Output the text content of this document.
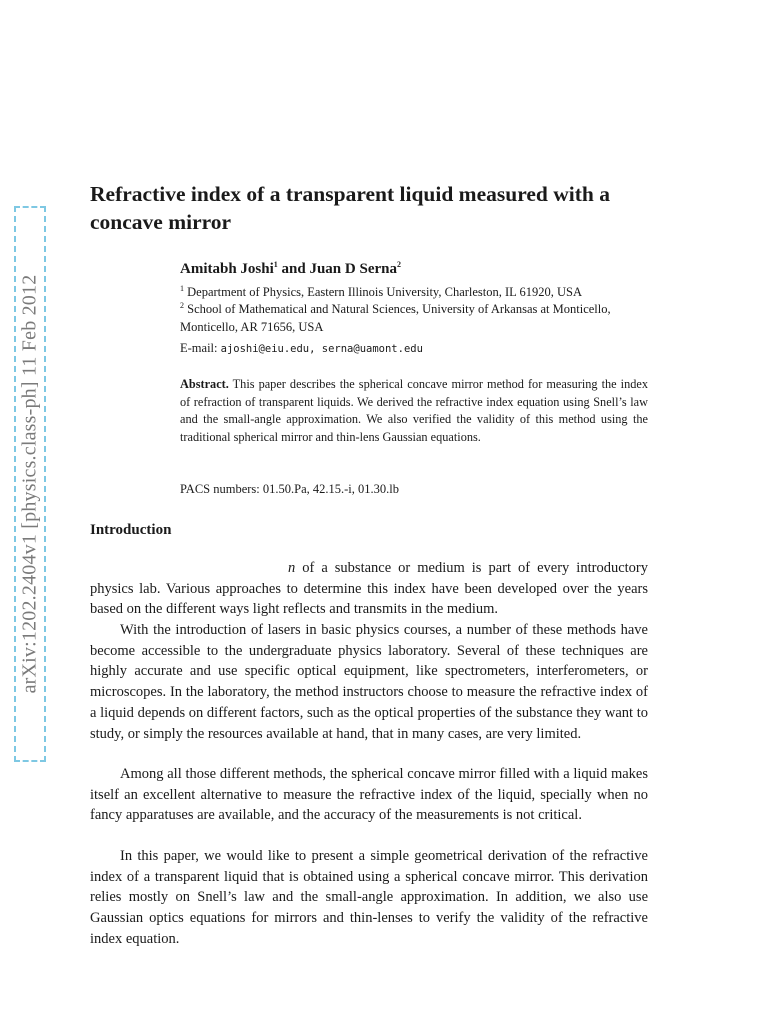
arXiv:1202.2404v1 [physics.class-ph] 11 Feb 2012
Refractive index of a transparent liquid measured with a concave mirror
Amitabh Joshi$^1$ and Juan D Serna$^2$
$^1$ Department of Physics, Eastern Illinois University, Charleston, IL 61920, USA
$^2$ School of Mathematical and Natural Sciences, University of Arkansas at Monticello, Monticello, AR 71656, USA
E-mail: ajoshi@eiu.edu, serna@uamont.edu

Abstract. This paper describes the spherical concave mirror method for measuring the index of refraction of transparent liquids. We derived the refractive index equation using Snell’s law and the small-angle approximation. We also verified the validity of this method using the traditional spherical mirror and thin-lens Gaussian equations.

PACS numbers: 01.50.Pa, 42.15.-i, 01.30.lb
Introduction

n of a substance or medium is part of every introductory physics lab. Various approaches to determine this index have been developed over the years based on the different ways light reflects and transmits in the medium.

With the introduction of lasers in basic physics courses, a number of these methods have become accessible to the undergraduate physics laboratory. Several of these techniques are highly accurate and use specific optical equipment, like spectrometers, interferometers, or microscopes. In the laboratory, the method instructors choose to measure the refractive index of a liquid depends on different factors, such as the optical properties of the substance they want to study, or simply the resources available at hand, that in many cases, are very limited.

Among all those different methods, the spherical concave mirror filled with a liquid makes itself an excellent alternative to measure the refractive index of the liquid, specially when no fancy apparatuses are available, and the accuracy of the measurements is not critical.

In this paper, we would like to present a simple geometrical derivation of the refractive index of a transparent liquid that is obtained using a spherical concave mirror. This derivation relies mostly on Snell’s law and the small-angle approximation. In addition, we also use Gaussian optics equations for mirrors and thin-lenses to verify the validity of the refractive index equation.
